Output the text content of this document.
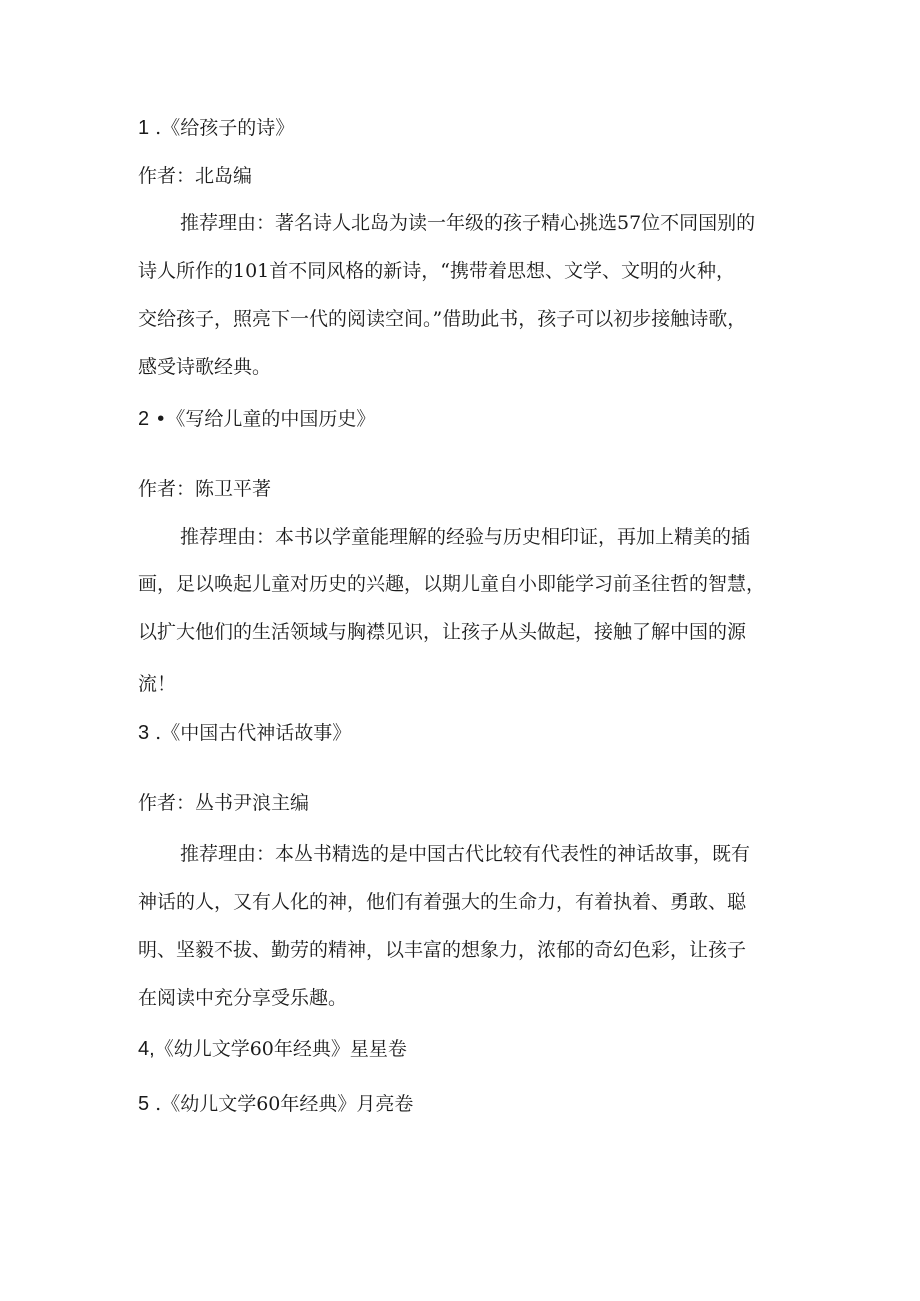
1 .《给孩子的诗》
作者：北岛编
推荐理由：著名诗人北岛为读一年级的孩子精心挑选57位不同国别的
诗人所作的101首不同风格的新诗，“携带着思想、文学、文明的火种，
交给孩子，照亮下一代的阅读空间。”借助此书，孩子可以初步接触诗歌，
感受诗歌经典。
2 •《写给儿童的中国历史》
作者：陈卫平著
推荐理由：本书以学童能理解的经验与历史相印证，再加上精美的插
画，足以唤起儿童对历史的兴趣，以期儿童自小即能学习前圣往哲的智慧，
以扩大他们的生活领域与胸襟见识，让孩子从头做起，接触了解中国的源
流！
3 .《中国古代神话故事》
作者：丛书尹浪主编
推荐理由：本丛书精选的是中国古代比较有代表性的神话故事，既有
神话的人，又有人化的神，他们有着强大的生命力，有着执着、勇敢、聪
明、坚毅不拔、勤劳的精神，以丰富的想象力，浓郁的奇幻色彩，让孩子
在阅读中充分享受乐趣。
4,《幼儿文学60年经典》星星卷
5 .《幼儿文学60年经典》月亮卷
